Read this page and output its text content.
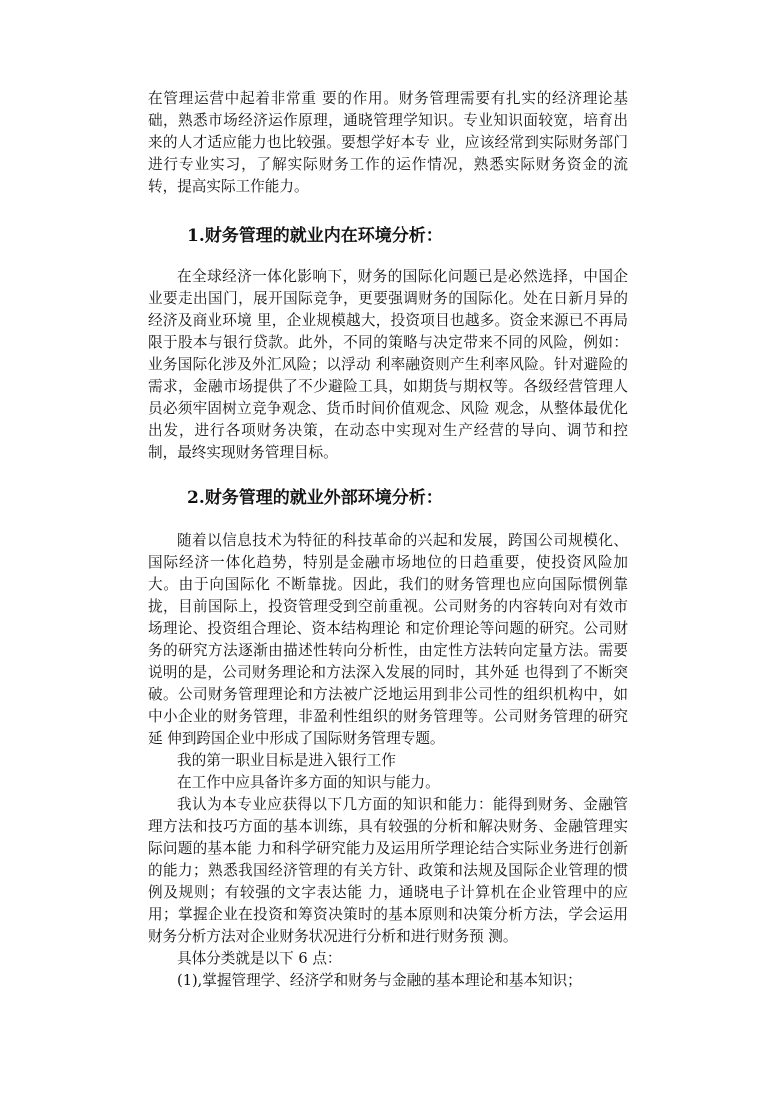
在管理运营中起着非常重 要的作用。财务管理需要有扎实的经济理论基础，熟悉市场经济运作原理，通晓管理学知识。专业知识面较宽，培育出来的人才适应能力也比较强。要想学好本专 业，应该经常到实际财务部门进行专业实习，了解实际财务工作的运作情况，熟悉实际财务资金的流转，提高实际工作能力。

1.财务管理的就业内在环境分析：

在全球经济一体化影响下，财务的国际化问题已是必然选择，中国企业要走出国门，展开国际竞争，更要强调财务的国际化。处在日新月异的经济及商业环境 里，企业规模越大，投资项目也越多。资金来源已不再局限于股本与银行贷款。此外，不同的策略与决定带来不同的风险，例如：业务国际化涉及外汇风险；以浮动 利率融资则产生利率风险。针对避险的需求，金融市场提供了不少避险工具，如期货与期权等。各级经营管理人员必须牢固树立竞争观念、货币时间价值观念、风险 观念，从整体最优化出发，进行各项财务决策，在动态中实现对生产经营的导向、调节和控制，最终实现财务管理目标。

2.财务管理的就业外部环境分析：

随着以信息技术为特征的科技革命的兴起和发展，跨国公司规模化、国际经济一体化趋势，特别是金融市场地位的日趋重要，使投资风险加大。由于向国际化 不断靠拢。因此，我们的财务管理也应向国际惯例靠拢，目前国际上，投资管理受到空前重视。公司财务的内容转向对有效市场理论、投资组合理论、资本结构理论 和定价理论等问题的研究。公司财务的研究方法逐渐由描述性转向分析性，由定性方法转向定量方法。需要说明的是，公司财务理论和方法深入发展的同时，其外延 也得到了不断突破。公司财务管理理论和方法被广泛地运用到非公司性的组织机构中，如中小企业的财务管理，非盈利性组织的财务管理等。公司财务管理的研究延 伸到跨国企业中形成了国际财务管理专题。

我的第一职业目标是进入银行工作

在工作中应具备许多方面的知识与能力。

我认为本专业应获得以下几方面的知识和能力：能得到财务、金融管理方法和技巧方面的基本训练，具有较强的分析和解决财务、金融管理实际问题的基本能 力和科学研究能力及运用所学理论结合实际业务进行创新的能力；熟悉我国经济管理的有关方针、政策和法规及国际企业管理的惯例及规则；有较强的文字表达能 力，通晓电子计算机在企业管理中的应用；掌握企业在投资和筹资决策时的基本原则和决策分析方法，学会运用财务分析方法对企业财务状况进行分析和进行财务预 测。

具体分类就是以下 6 点：

(1),掌握管理学、经济学和财务与金融的基本理论和基本知识；
